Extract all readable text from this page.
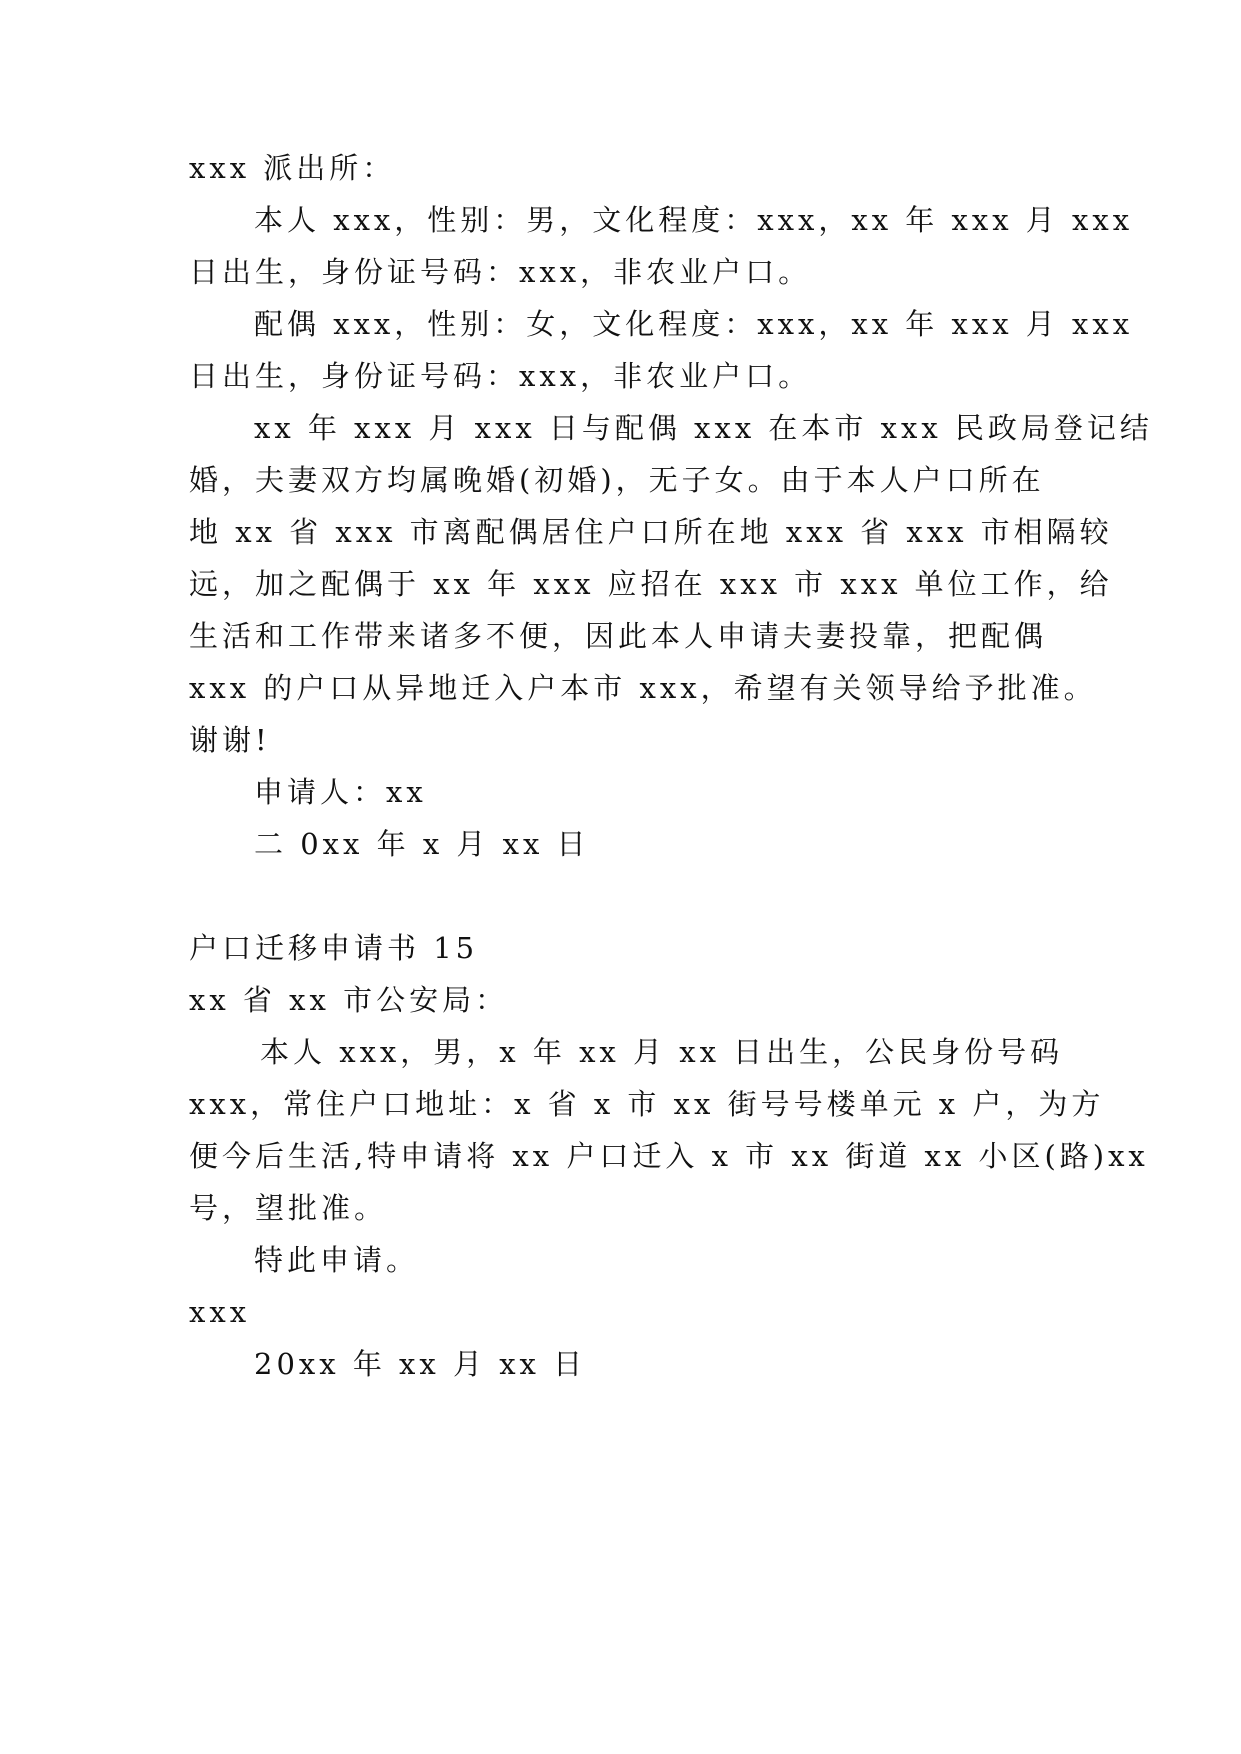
xxx 派出所：
本人 xxx，性别：男，文化程度：xxx，xx 年 xxx 月 xxx
日出生，身份证号码：xxx，非农业户口。
配偶 xxx，性别：女，文化程度：xxx，xx 年 xxx 月 xxx
日出生，身份证号码：xxx，非农业户口。
xx 年 xxx 月 xxx 日与配偶 xxx 在本市 xxx 民政局登记结
婚，夫妻双方均属晚婚(初婚)，无子女。由于本人户口所在
地 xx 省 xxx 市离配偶居住户口所在地 xxx 省 xxx 市相隔较
远，加之配偶于 xx 年 xxx 应招在 xxx 市 xxx 单位工作，给
生活和工作带来诸多不便，因此本人申请夫妻投靠，把配偶
xxx 的户口从异地迁入户本市 xxx，希望有关领导给予批准。
谢谢!
申请人：xx
二 0xx 年 x 月 xx 日
户口迁移申请书 15
xx 省 xx 市公安局：
本人 xxx，男，x 年 xx 月 xx 日出生，公民身份号码
xxx，常住户口地址：x 省 x 市 xx 街号号楼单元 x 户，为方
便今后生活,特申请将 xx 户口迁入 x 市 xx 街道 xx 小区(路)xx
号，望批准。
特此申请。
xxx
20xx 年 xx 月 xx 日
